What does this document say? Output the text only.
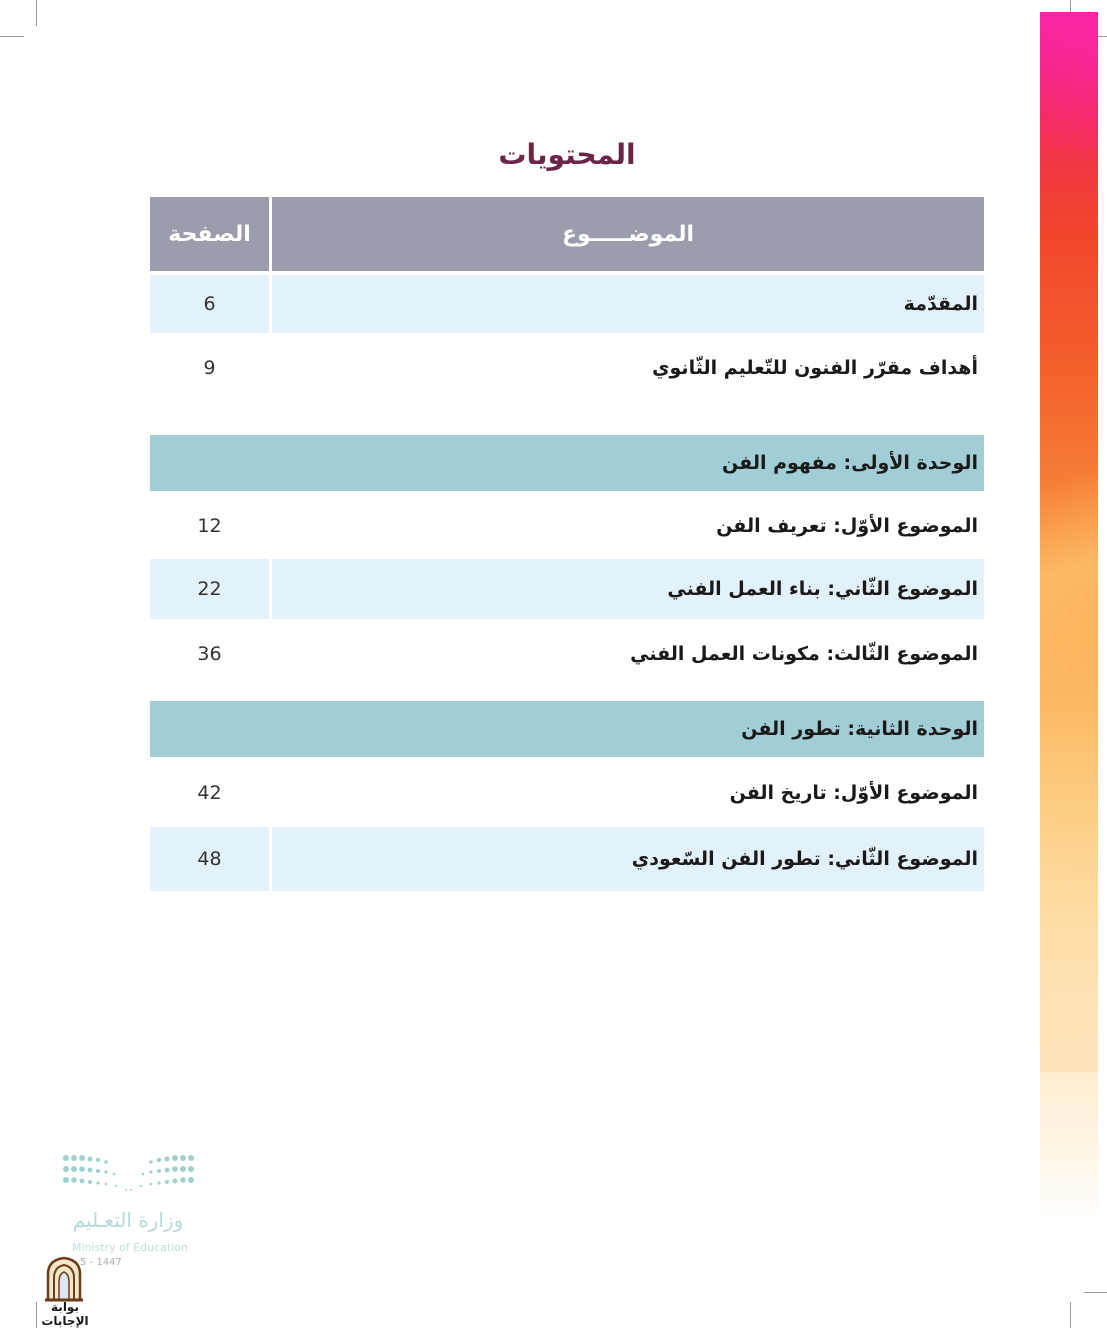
المحتويات
الصفحة	الموضـــــوع
6	المقدّمة
9	أهداف مقرّر الفنون للتّعليم الثّانوي
الوحدة الأولى: مفهوم الفن
12	الموضوع الأوّل: تعريف الفن
22	الموضوع الثّاني: بناء العمل الفني
36	الموضوع الثّالث: مكونات العمل الفني
الوحدة الثانية: تطور الفن
42	الموضوع الأوّل: تاريخ الفن
48	الموضوع الثّاني: تطور الفن السّعودي
وزارة التعـليم
Ministry of Education
5 - 1447
بوابة الإجابات
